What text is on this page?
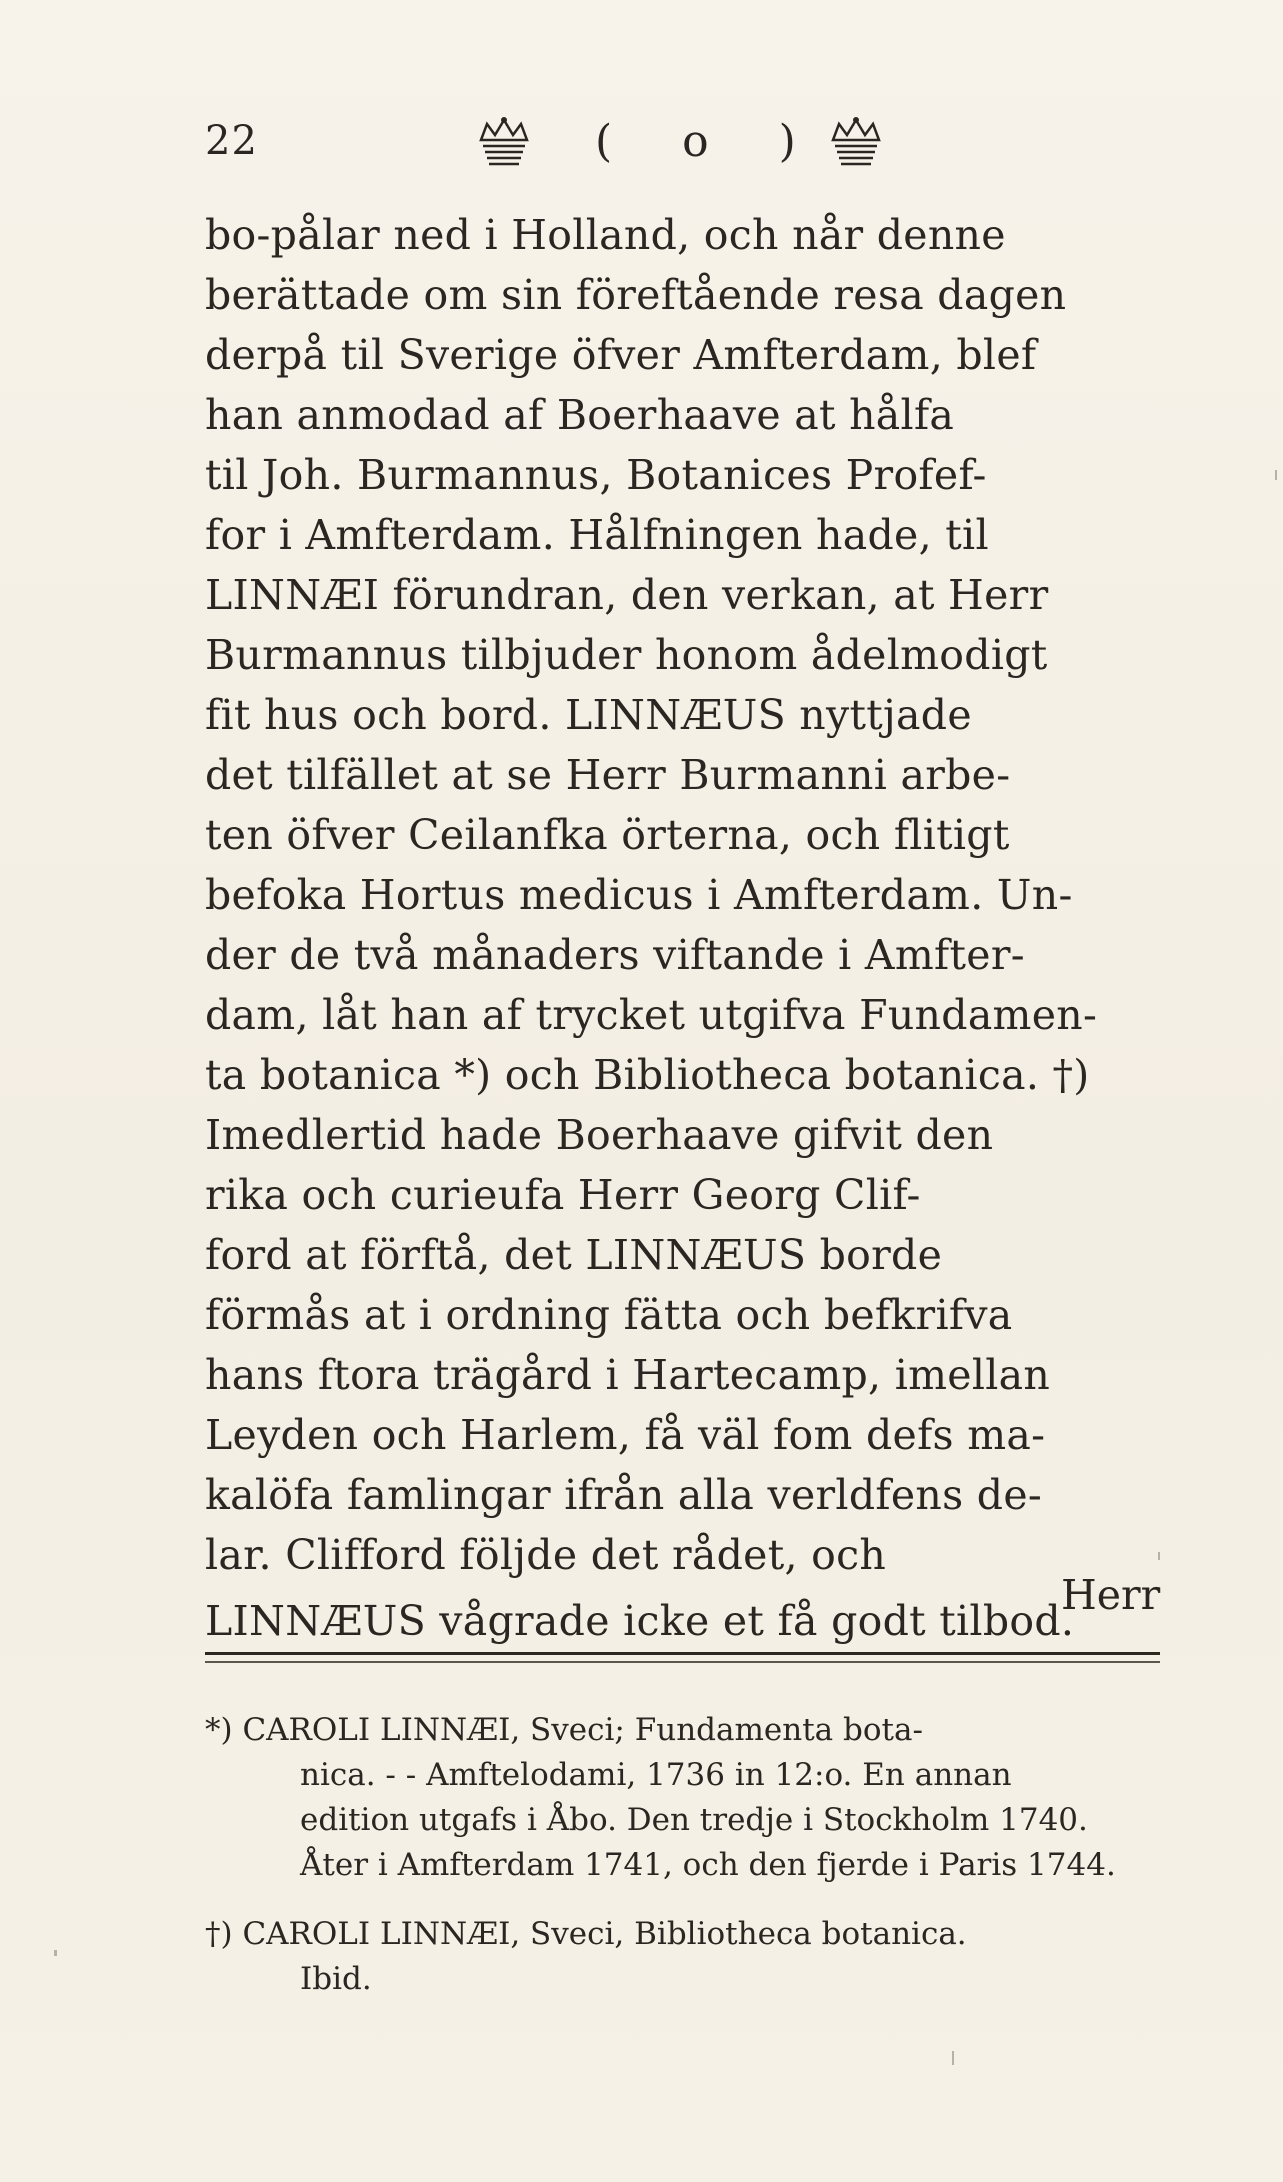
22	( o )
bo-pålar ned i Holland, och når denne
berättade om sin föreftående resa dagen
derpå til Sverige öfver Amfterdam, blef
han anmodad af Boerhaave at hålfa
til Joh. Burmannus, Botanices Profef-
for i Amfterdam. Hålfningen hade, til
LINNÆI förundran, den verkan, at Herr
Burmannus tilbjuder honom ådelmodigt
fit hus och bord. LINNÆUS nyttjade
det tilfället at se Herr Burmanni arbe-
ten öfver Ceilanfka örterna, och flitigt
befoka Hortus medicus i Amfterdam. Un-
der de två månaders viftande i Amfter-
dam, låt han af trycket utgifva Fundamen-
ta botanica *) och Bibliotheca botanica. †)
Imedlertid hade Boerhaave gifvit den
rika och curieufa Herr Georg Clif-
ford at förftå, det LINNÆUS borde
förmås at i ordning fätta och befkrifva
hans ftora trägård i Hartecamp, imellan
Leyden och Harlem, få väl fom defs ma-
kalöfa famlingar ifrån alla verldfens de-
lar. Clifford följde det rådet, och
LINNÆUS vågrade icke et få godt tilbod.
Herr
*) CAROLI LINNÆI, Sveci; Fundamenta bota-
nica. - - Amftelodami, 1736 in 12:o. En annan
edition utgafs i Åbo. Den tredje i Stockholm 1740.
Åter i Amfterdam 1741, och den fjerde i Paris 1744.
†) CAROLI LINNÆI, Sveci, Bibliotheca botanica.
Ibid.
